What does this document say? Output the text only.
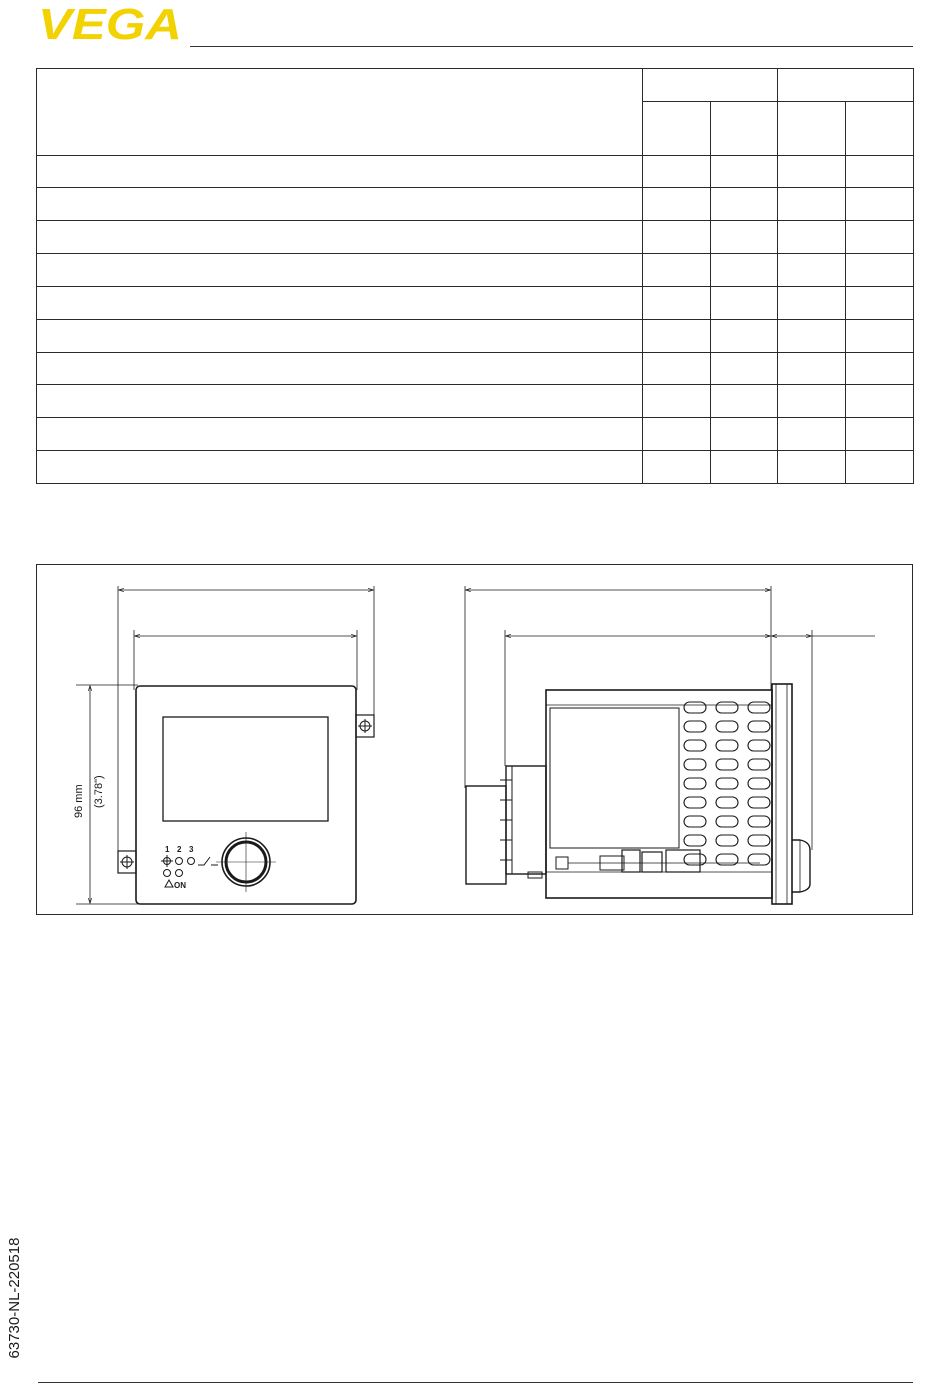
VEGA

1 2 3
ON
96 mm (3.78")
63730-NL-220518
